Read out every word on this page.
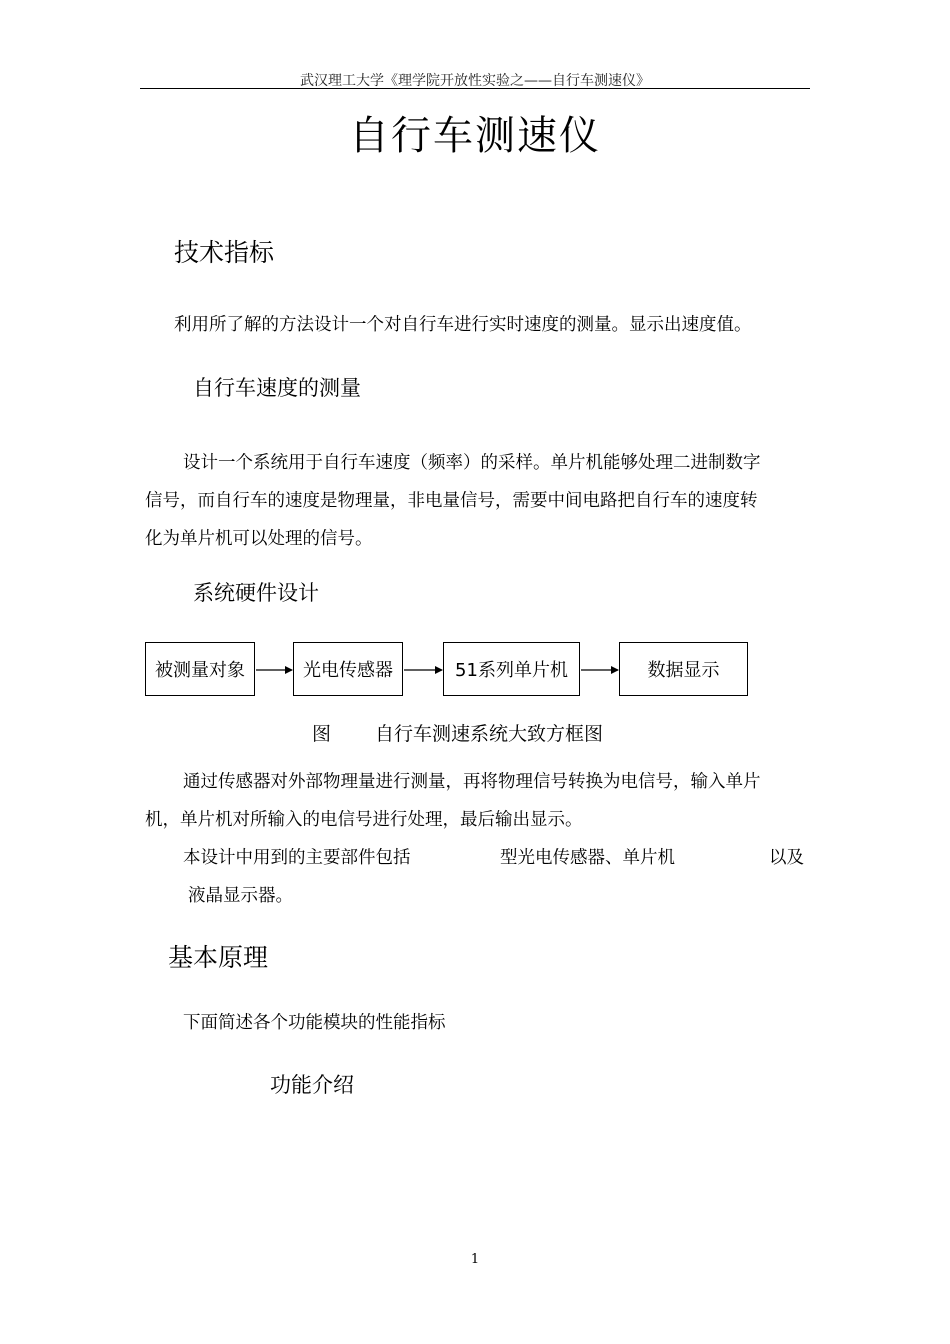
武汉理工大学《理学院开放性实验之——自行车测速仪》
自行车测速仪
技术指标
利用所了解的方法设计一个对自行车进行实时速度的测量。显示出速度值。
自行车速度的测量
设计一个系统用于自行车速度（频率）的采样。单片机能够处理二进制数字
信号，而自行车的速度是物理量，非电量信号，需要中间电路把自行车的速度转
化为单片机可以处理的信号。
系统硬件设计
被测量对象	光电传感器	51系列单片机	数据显示
图 自行车测速系统大致方框图
通过传感器对外部物理量进行测量，再将物理信号转换为电信号，输入单片
机，单片机对所输入的电信号进行处理，最后输出显示。
本设计中用到的主要部件包括	型光电传感器、单片机	以及
液晶显示器。
基本原理
下面简述各个功能模块的性能指标
功能介绍
1
